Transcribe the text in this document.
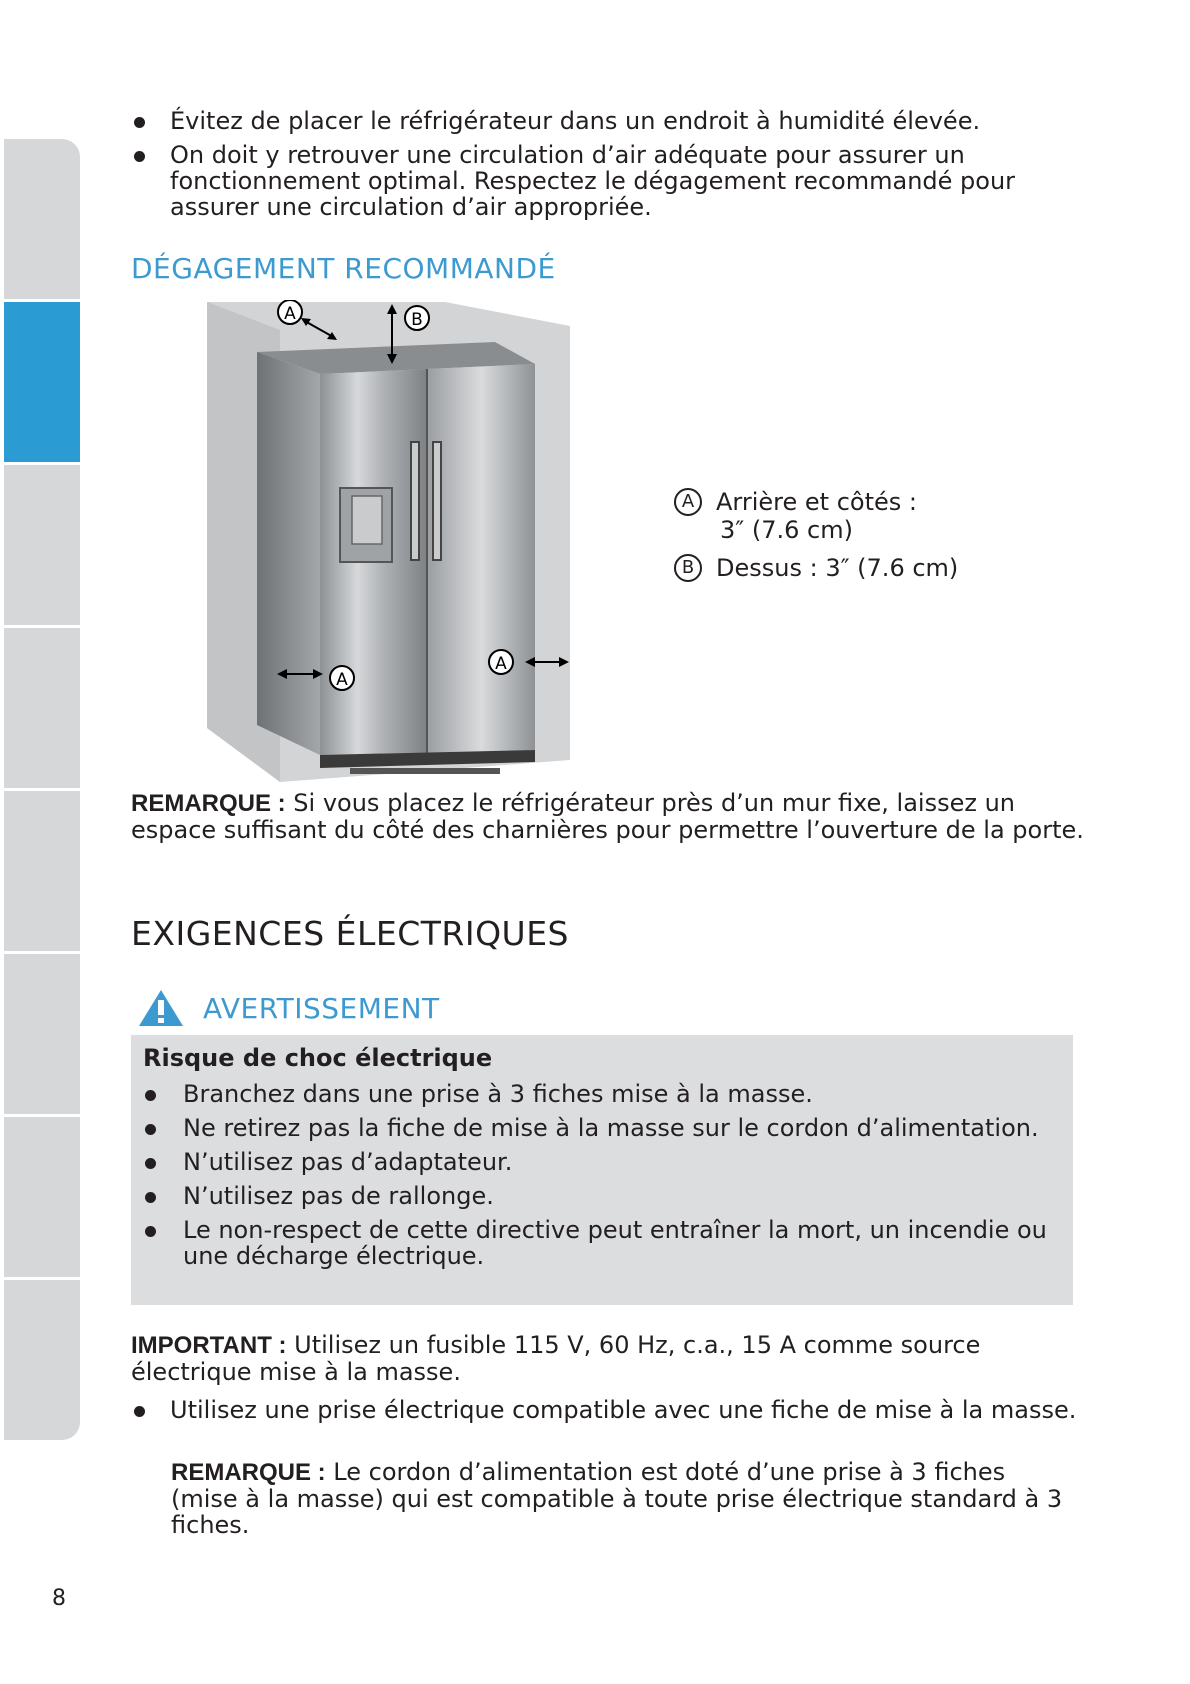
Évitez de placer le réfrigérateur dans un endroit à humidité élevée.
On doit y retrouver une circulation d’air adéquate pour assurer un fonctionnement optimal. Respectez le dégagement recommandé pour assurer une circulation d’air appropriée.
DÉGAGEMENT RECOMMANDÉ
A	B
A
A
A Arrière et côtés :
3″ (7.6 cm)
B Dessus : 3″ (7.6 cm)

REMARQUE : Si vous placez le réfrigérateur près d’un mur fixe, laissez un espace suffisant du côté des charnières pour permettre l’ouverture de la porte.

EXIGENCES ÉLECTRIQUES
AVERTISSEMENT
Risque de choc électrique
Branchez dans une prise à 3 fiches mise à la masse.
Ne retirez pas la fiche de mise à la masse sur le cordon d’alimentation.
N’utilisez pas d’adaptateur.
N’utilisez pas de rallonge.
Le non-respect de cette directive peut entraîner la mort, un incendie ou une décharge électrique.

IMPORTANT : Utilisez un fusible 115 V, 60 Hz, c.a., 15 A comme source électrique mise à la masse.

Utilisez une prise électrique compatible avec une fiche de mise à la masse.

REMARQUE : Le cordon d’alimentation est doté d’une prise à 3 fiches (mise à la masse) qui est compatible à toute prise électrique standard à 3 fiches.

8
